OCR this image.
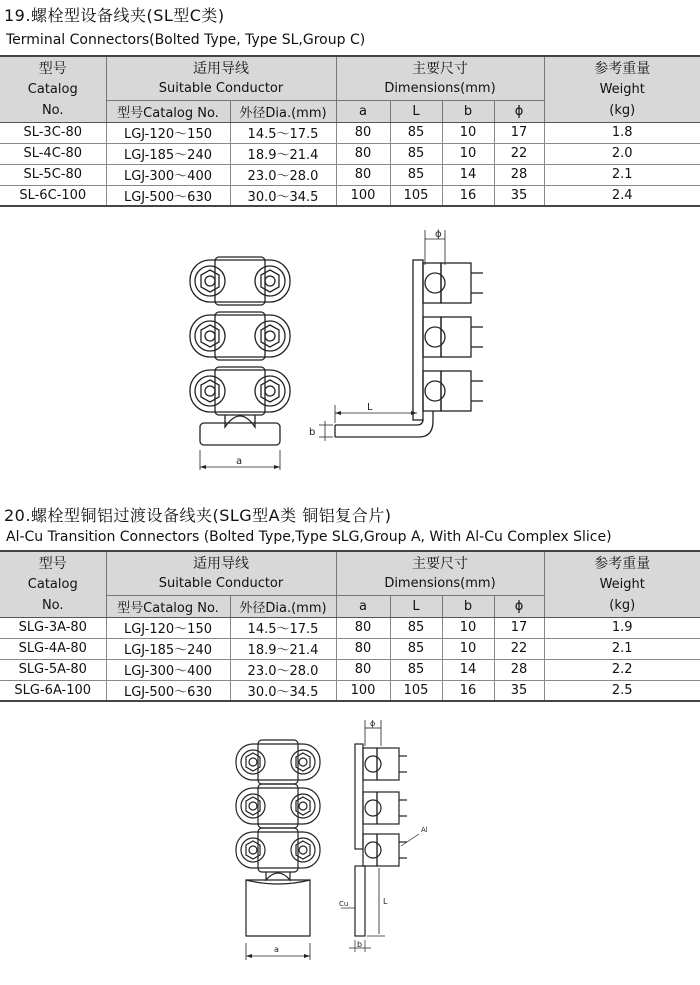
19.螺栓型设备线夹(SL型C类)
Terminal Connectors(Bolted Type, Type SL,Group C)
型号	适用导线		主要尺寸				参考重量
Catalog	Suitable Conductor		Dimensions(mm)				Weight
No.	型号Catalog No.	外径Dia.(mm)	a	L	b	ϕ	(kg)
SL-3C-80	LGJ-120～150	14.5～17.5	80	85	10	17	1.8
SL-4C-80	LGJ-185～240	18.9～21.4	80	85	10	22	2.0
SL-5C-80	LGJ-300～400	23.0～28.0	80	85	14	28	2.1
SL-6C-100	LGJ-500～630	30.0～34.5	100	105	16	35	2.4
a
ϕ
L
b
20.螺栓型铜铝过渡设备线夹(SLG型A类 铜铝复合片)
Al-Cu Transition Connectors (Bolted Type,Type SLG,Group A, With Al-Cu Complex Slice)
型号	适用导线		主要尺寸				参考重量
Catalog	Suitable Conductor		Dimensions(mm)				Weight
No.	型号Catalog No.	外径Dia.(mm)	a	L	b	ϕ	(kg)
SLG-3A-80	LGJ-120～150	14.5～17.5	80	85	10	17	1.9
SLG-4A-80	LGJ-185～240	18.9～21.4	80	85	10	22	2.1
SLG-5A-80	LGJ-300～400	23.0～28.0	80	85	14	28	2.2
SLG-6A-100	LGJ-500～630	30.0～34.5	100	105	16	35	2.5
a
ϕ
Al
Cu	L
b
